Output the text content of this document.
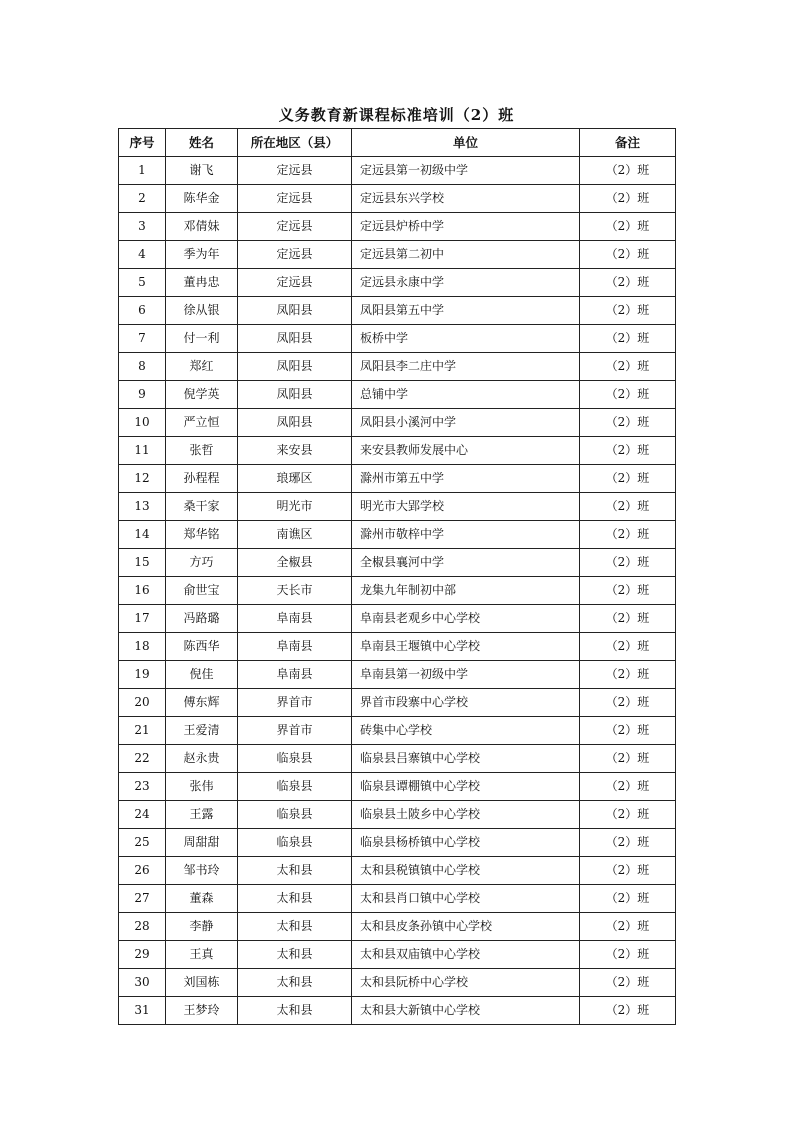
义务教育新课程标准培训（2）班
序号	姓名	所在地区（县）	单位	备注
1	谢飞	定远县	定远县第一初级中学	（2）班
2	陈华金	定远县	定远县东兴学校	（2）班
3	邓倩妹	定远县	定远县炉桥中学	（2）班
4	季为年	定远县	定远县第二初中	（2）班
5	董冉忠	定远县	定远县永康中学	（2）班
6	徐从银	凤阳县	凤阳县第五中学	（2）班
7	付一利	凤阳县	板桥中学	（2）班
8	郑红	凤阳县	凤阳县李二庄中学	（2）班
9	倪学英	凤阳县	总铺中学	（2）班
10	严立恒	凤阳县	凤阳县小溪河中学	（2）班
11	张哲	来安县	来安县教师发展中心	（2）班
12	孙程程	琅琊区	滁州市第五中学	（2）班
13	桑干家	明光市	明光市大郢学校	（2）班
14	郑华铭	南谯区	滁州市敬梓中学	（2）班
15	方巧	全椒县	全椒县襄河中学	（2）班
16	俞世宝	天长市	龙集九年制初中部	（2）班
17	冯路璐	阜南县	阜南县老观乡中心学校	（2）班
18	陈西华	阜南县	阜南县王堰镇中心学校	（2）班
19	倪佳	阜南县	阜南县第一初级中学	（2）班
20	傅东辉	界首市	界首市段寨中心学校	（2）班
21	王爱清	界首市	砖集中心学校	（2）班
22	赵永贵	临泉县	临泉县吕寨镇中心学校	（2）班
23	张伟	临泉县	临泉县谭棚镇中心学校	（2）班
24	王露	临泉县	临泉县土陂乡中心学校	（2）班
25	周甜甜	临泉县	临泉县杨桥镇中心学校	（2）班
26	邹书玲	太和县	太和县税镇镇中心学校	（2）班
27	董森	太和县	太和县肖口镇中心学校	（2）班
28	李静	太和县	太和县皮条孙镇中心学校	（2）班
29	王真	太和县	太和县双庙镇中心学校	（2）班
30	刘国栋	太和县	太和县阮桥中心学校	（2）班
31	王梦玲	太和县	太和县大新镇中心学校	（2）班
